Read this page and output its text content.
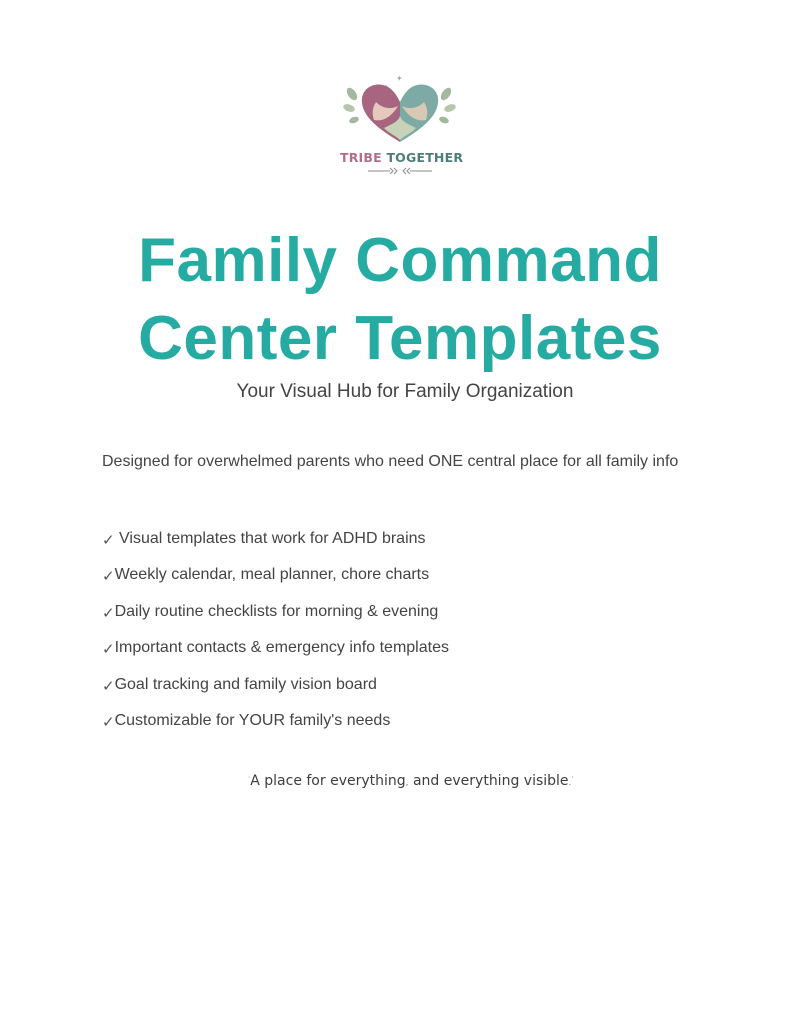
✦
TRIBE TOGETHER
Family Command
Center Templates
Your Visual Hub for Family Organization
Designed for overwhelmed parents who need ONE central place for all family info
✓ Visual templates that work for ADHD brains
✓Weekly calendar, meal planner, chore charts
✓Daily routine checklists for morning & evening
✓Important contacts & emergency info templates
✓Goal tracking and family vision board
✓Customizable for YOUR family's needs
·A place for everything, and everything visible.·
